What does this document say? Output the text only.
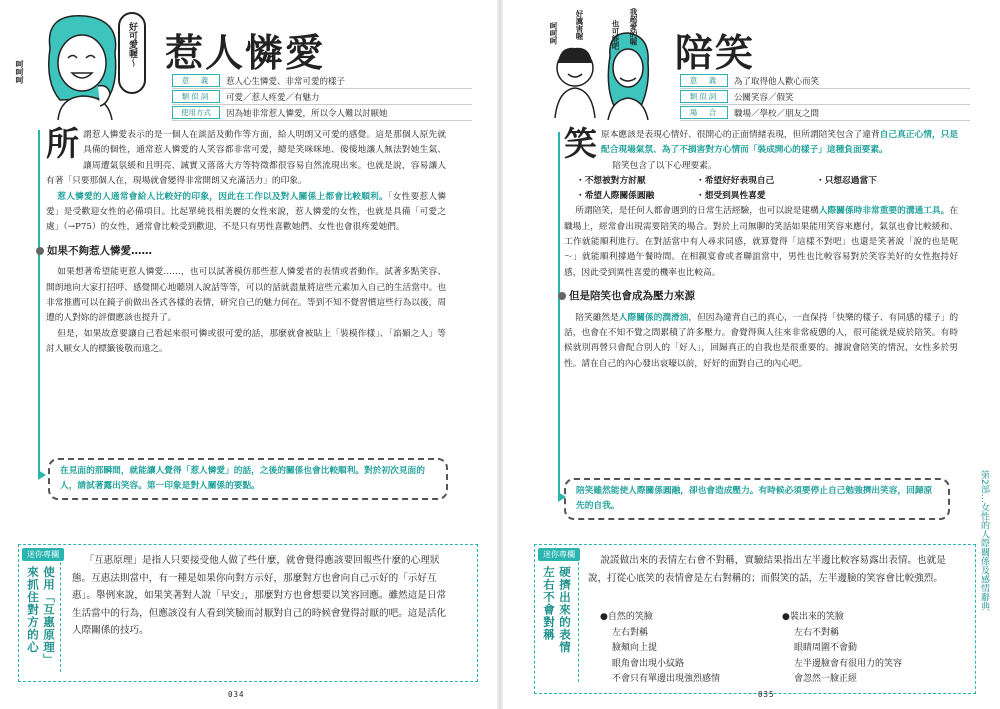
呵呵呵
好可愛喔～ 惹人憐愛
意　義	惹人心生憐愛、非常可愛的樣子
類似詞	可愛／惹人疼愛／有魅力
使用方式	因為她非常惹人憐愛，所以令人難以討厭她
所 謂惹人憐愛表示的是一個人在談話及動作等方面，給人明朗又可愛的感覺。這是那個人原先就具備的個性，通常惹人憐愛的人笑容都非常可愛，總是笑咪咪地、傻傻地讓人無法對她生氣、讓周遭氣氛緩和且明亮、誠實又落落大方等特徵都很容易自然流現出來。也就是說，容易讓人有著「只要那個人在，現場就會變得非常開朗又充滿活力」的印象。

惹人憐愛的人通常會給人比較好的印象，因此在工作以及對人關係上都會比較順利。「女性要惹人憐愛」是受歡迎女性的必備項目。比起單純長相美麗的女性來說，惹人憐愛的女性，也就是具備「可愛之處」（→P75）的女性，通常會比較受到歡迎，不是只有男性喜歡她們、女性也會很疼愛她們。

如果不夠惹人憐愛……

如果想著希望能更惹人憐愛……，也可以試著模仿那些惹人憐愛者的表情或者動作。試著多點笑容、開朗地向大家打招呼、感覺開心地聽別人說話等等，可以的話就盡量將這些元素加入自己的生活當中。也非常推薦可以在鏡子前做出各式各樣的表情，研究自己的魅力何在。等到不知不覺習慣這些行為以後，周遭的人對妳的評價應該也提升了。

但是，如果故意要讓自己看起來很可憐或很可愛的話，那麼就會被貼上「裝模作樣」、「諂媚之人」等討人厭女人的標籤後敬而遠之。

在見面的那瞬間，就能讓人覺得「惹人憐愛」的話，之後的關係也會比較順利。對於初次見面的人，請試著露出笑容。第一印象是對人關係的要點。
迷你專欄
使用「互惠原理」
來抓住對方的心

「互惠原理」是指人只要接受他人做了些什麼，就會覺得應該要回報些什麼的心理狀態。互惠法則當中，有一種是如果你向對方示好，那麼對方也會向自己示好的「示好互惠」。舉例來說，如果笑著對人說「早安」，那麼對方也會想要以笑容回應。雖然這是日常生活當中的行為，但應該沒有人看到笑臉而討厭對自己的時候會覺得討厭的吧。這是活化人際關係的技巧。

034
好厲害喔
呵呵呵	也可能吧 我超愛的喔
陪笑
意　義	為了取得他人歡心而笑
類似詞	公關笑容／假笑
場　合	職場／學校／朋友之間
笑 原本應該是表現心情好、很開心的正面情緒表現，但所謂陪笑包含了違背自己真正心情，只是配合現場氣氛、為了不損害對方心情而「裝成開心的樣子」這種負面要素。

陪笑包含了以下心理要素。

・不想被對方討厭	・希望好好表現自己	・只想忍過當下
・希望人際關係圓融	・想受到異性喜愛

所謂陪笑，是任何人都會遇到的日常生活經驗，也可以說是建構人際關係時非常重要的溝通工具。在職場上，經常會出現需要陪笑的場合。對於上司無聊的笑話如果能用笑容來應付，氣氛也會比較緩和、工作就能順利進行。在對話當中有人尋求同感，就算覺得「這樣不對吧」也還是笑著說「說的也是呢～」就能順利撐過午餐時間。在相親宴會或者聯誼當中，男性也比較容易對於笑容美好的女性抱持好感，因此受到異性喜愛的機率也比較高。

但是陪笑也會成為壓力來源

陪笑雖然是人際關係的潤滑油，但因為違背自己的真心，一直保持「快樂的樣子、有同感的樣子」的話，也會在不知不覺之間累積了許多壓力。會覺得與人往來非常疲憊的人，很可能就是疲於陪笑。有時候就別再營只會配合別人的「好人」，回歸真正的自我也是很重要的。據說會陪笑的情況，女性多於男性。請在自己的內心發出哀嚎以前，好好的面對自己的內心吧。

陪笑雖然能使人際關係圓融，卻也會造成壓力。有時候必須要停止自己勉強擠出笑容，回歸原先的自我。
迷你專欄
硬擠出來的表情
左右不會對稱

說謊做出來的表情左右會不對稱，實驗結果指出左半邊比較容易露出表情。也就是說，打從心底笑的表情會是左右對稱的；而假笑的話，左半邊臉的笑容會比較強烈。

●自然的笑臉
左右對稱
臉頰向上提
眼角會出現小紋路
不會只有單邊出現強烈感情
●裝出來的笑臉
左右不對稱
眼睛周圍不會動
左半邊臉會有很用力的笑容
會忽然一臉正經
035
第2部…女性的人際關係及感情辭典
